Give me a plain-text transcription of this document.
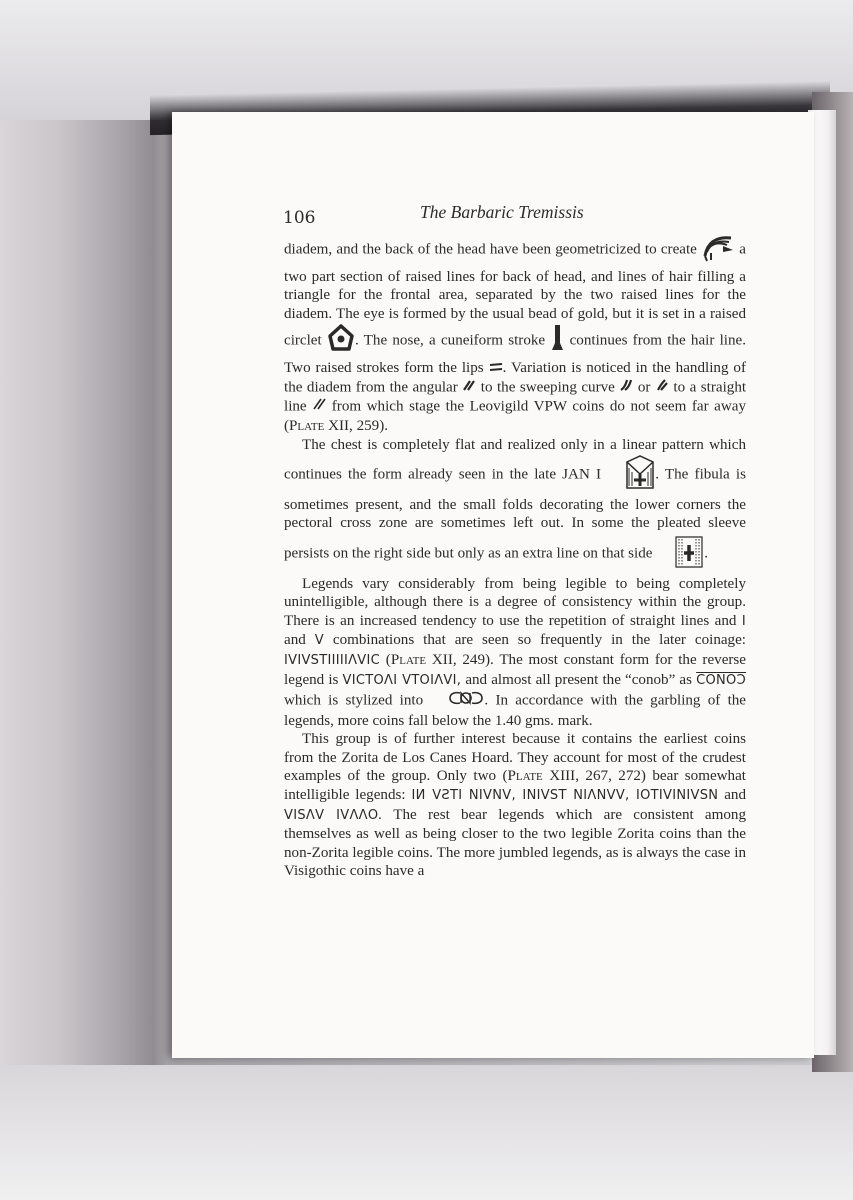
106	The Barbaric Tremissis

diadem, and the back of the head have been geometricized to create	a two part section of raised lines for back of head, and lines of hair filling a triangle for the frontal area, separated by the two raised lines for the diadem. The eye is formed by the usual bead of gold, but it is set in a raised circlet . The nose, a cuneiform stroke continues from the hair line. Two raised strokes form the lips . Variation is noticed in the handling of the diadem from the angular to the sweeping curve or to a straight line from which stage the Leovigild VPW coins do not seem far away (Plate XII, 259).

The chest is completely flat and realized only in a linear pattern which continues the form already seen in the late JAN I	. The fibula is sometimes present, and the small folds decorating the lower corners the pectoral cross zone are sometimes left out. In some the pleated sleeve persists on the right side but only as an extra line on that side	.

Legends vary considerably from being legible to being completely unintelligible, although there is a degree of consistency within the group. There is an increased tendency to use the repetition of straight lines and I and V combinations that are seen so frequently in the later coinage: IVIVSTIIIIIΛVIC (Plate XII, 249). The most constant form for the reverse legend is VICTOΛI VTOIΛVI, and almost all present the “conob” as CONOϽ which is stylized into	. In accordance with the garbling of the legends, more coins fall below the 1.40 gms. mark.

This group is of further interest because it contains the earliest coins from the Zorita de Los Canes Hoard. They account for most of the crudest examples of the group. Only two (Plate XIII, 267, 272) bear somewhat intelligible legends: IИ VƧTI NIVNV, INIVST NIΛNVV, IOTIVINIVSN and VISΛV IVΛΛO. The rest bear legends which are consistent among themselves as well as being closer to the two legible Zorita coins than the non-Zorita legible coins. The more jumbled legends, as is always the case in Visigothic coins have a
